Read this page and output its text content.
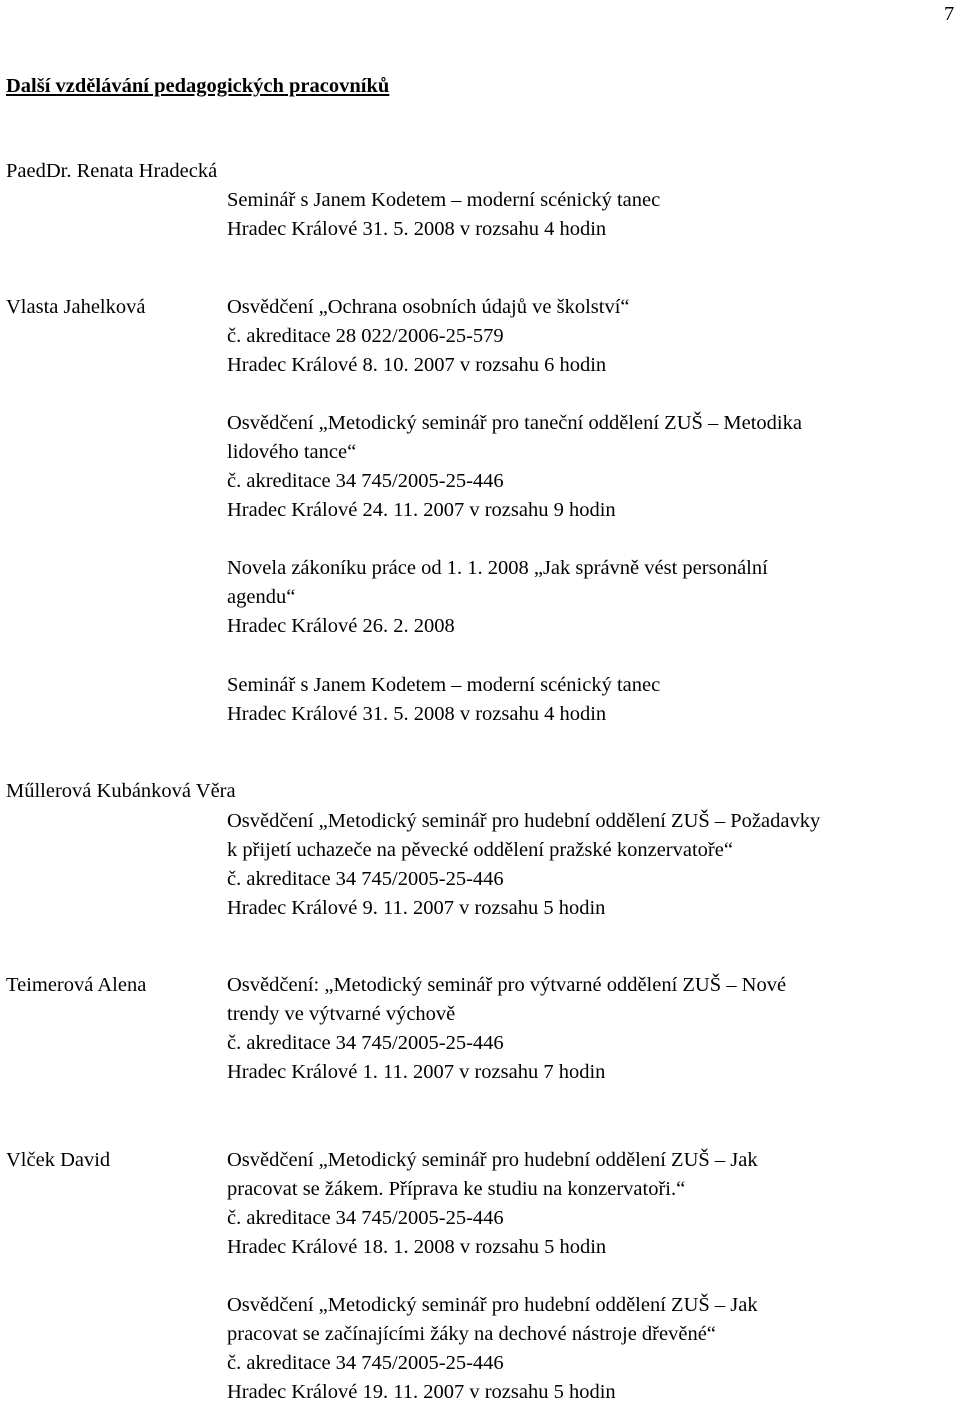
7
Další vzdělávání pedagogických pracovníků
PaedDr. Renata Hradecká
Seminář s Janem Kodetem – moderní scénický tanec
Hradec Králové 31. 5. 2008 v rozsahu 4 hodin
Vlasta Jahelková	Osvědčení „Ochrana osobních údajů ve školství“
č. akreditace 28 022/2006-25-579
Hradec Králové 8. 10. 2007 v rozsahu 6 hodin
Osvědčení „Metodický seminář pro taneční oddělení ZUŠ – Metodika
lidového tance“
č. akreditace 34 745/2005-25-446
Hradec Králové 24. 11. 2007 v rozsahu 9 hodin
Novela zákoníku práce od 1. 1. 2008 „Jak správně vést personální
agendu“
Hradec Králové 26. 2. 2008
Seminář s Janem Kodetem – moderní scénický tanec
Hradec Králové 31. 5. 2008 v rozsahu 4 hodin
Műllerová Kubánková Věra
Osvědčení „Metodický seminář pro hudební oddělení ZUŠ – Požadavky
k přijetí uchazeče na pěvecké oddělení pražské konzervatoře“
č. akreditace 34 745/2005-25-446
Hradec Králové 9. 11. 2007 v rozsahu 5 hodin
Teimerová Alena	Osvědčení: „Metodický seminář pro výtvarné oddělení ZUŠ – Nové
trendy ve výtvarné výchově
č. akreditace 34 745/2005-25-446
Hradec Králové 1. 11. 2007 v rozsahu 7 hodin
Vlček David	Osvědčení „Metodický seminář pro hudební oddělení ZUŠ – Jak
pracovat se žákem. Příprava ke studiu na konzervatoři.“
č. akreditace 34 745/2005-25-446
Hradec Králové 18. 1. 2008 v rozsahu 5 hodin
Osvědčení „Metodický seminář pro hudební oddělení ZUŠ – Jak
pracovat se začínajícími žáky na dechové nástroje dřevěné“
č. akreditace 34 745/2005-25-446
Hradec Králové 19. 11. 2007 v rozsahu 5 hodin
